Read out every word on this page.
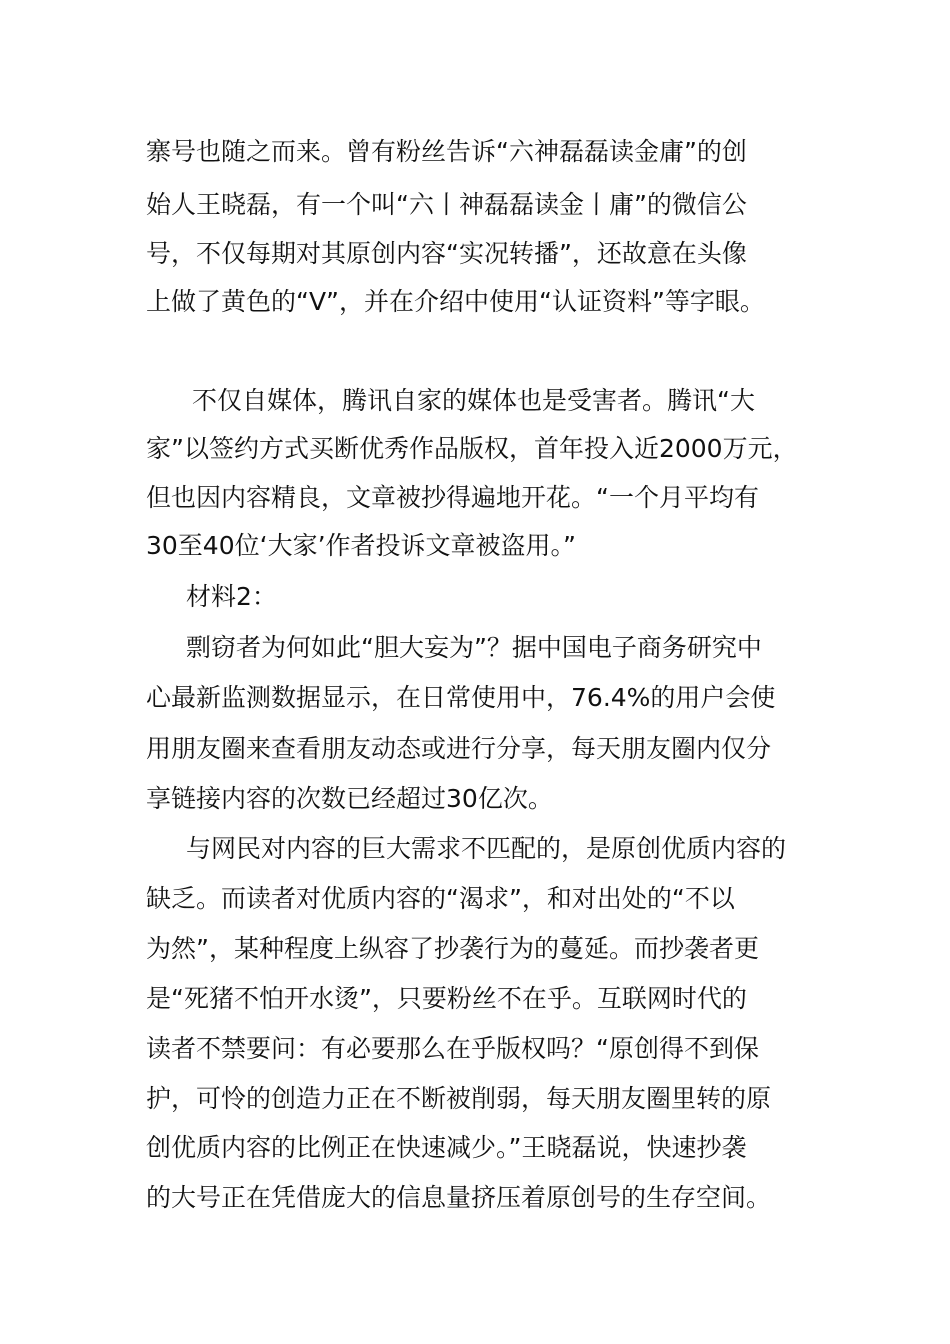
寨号也随之而来。曾有粉丝告诉“六神磊磊读金庸”的创
始人王晓磊，有一个叫“六丨神磊磊读金丨庸”的微信公
号，不仅每期对其原创内容“实况转播”，还故意在头像
上做了黄色的“V”，并在介绍中使用“认证资料”等字眼。
不仅自媒体，腾讯自家的媒体也是受害者。腾讯“大
家”以签约方式买断优秀作品版权，首年投入近2000万元，
但也因内容精良，文章被抄得遍地开花。“一个月平均有
30至40位‘大家’作者投诉文章被盗用。”
材料2：
剽窃者为何如此“胆大妄为”？据中国电子商务研究中
心最新监测数据显示，在日常使用中，76.4%的用户会使
用朋友圈来查看朋友动态或进行分享，每天朋友圈内仅分
享链接内容的次数已经超过30亿次。
与网民对内容的巨大需求不匹配的，是原创优质内容的
缺乏。而读者对优质内容的“渴求”，和对出处的“不以
为然”，某种程度上纵容了抄袭行为的蔓延。而抄袭者更
是“死猪不怕开水烫”，只要粉丝不在乎。互联网时代的
读者不禁要问：有必要那么在乎版权吗？“原创得不到保
护，可怜的创造力正在不断被削弱，每天朋友圈里转的原
创优质内容的比例正在快速减少。”王晓磊说，快速抄袭
的大号正在凭借庞大的信息量挤压着原创号的生存空间。
